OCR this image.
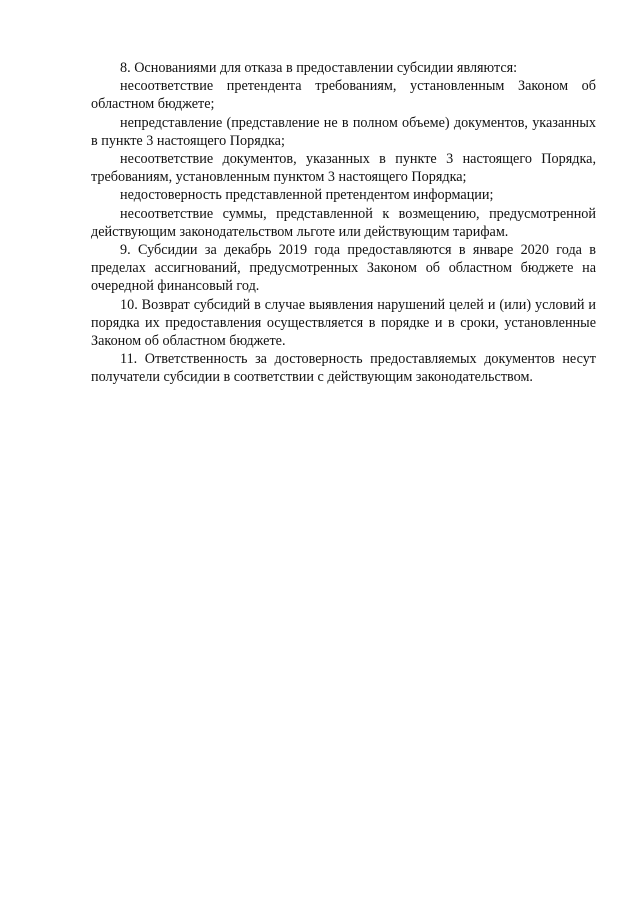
8. Основаниями для отказа в предоставлении субсидии являются:

несоответствие претендента требованиям, установленным Законом об областном бюджете;

непредставление (представление не в полном объеме) документов, указанных в пункте 3 настоящего Порядка;

несоответствие документов, указанных в пункте 3 настоящего Порядка, требованиям, установленным пунктом 3 настоящего Порядка;

недостоверность представленной претендентом информации;

несоответствие суммы, представленной к возмещению, предусмотренной действующим законодательством льготе или действующим тарифам.

9. Субсидии за декабрь 2019 года предоставляются в январе 2020 года в пределах ассигнований, предусмотренных Законом об областном бюджете на очередной финансовый год.

10. Возврат субсидий в случае выявления нарушений целей и (или) условий и порядка их предоставления осуществляется в порядке и в сроки, установленные Законом об областном бюджете.

11. Ответственность за достоверность предоставляемых документов несут получатели субсидии в соответствии с действующим законодательством.
